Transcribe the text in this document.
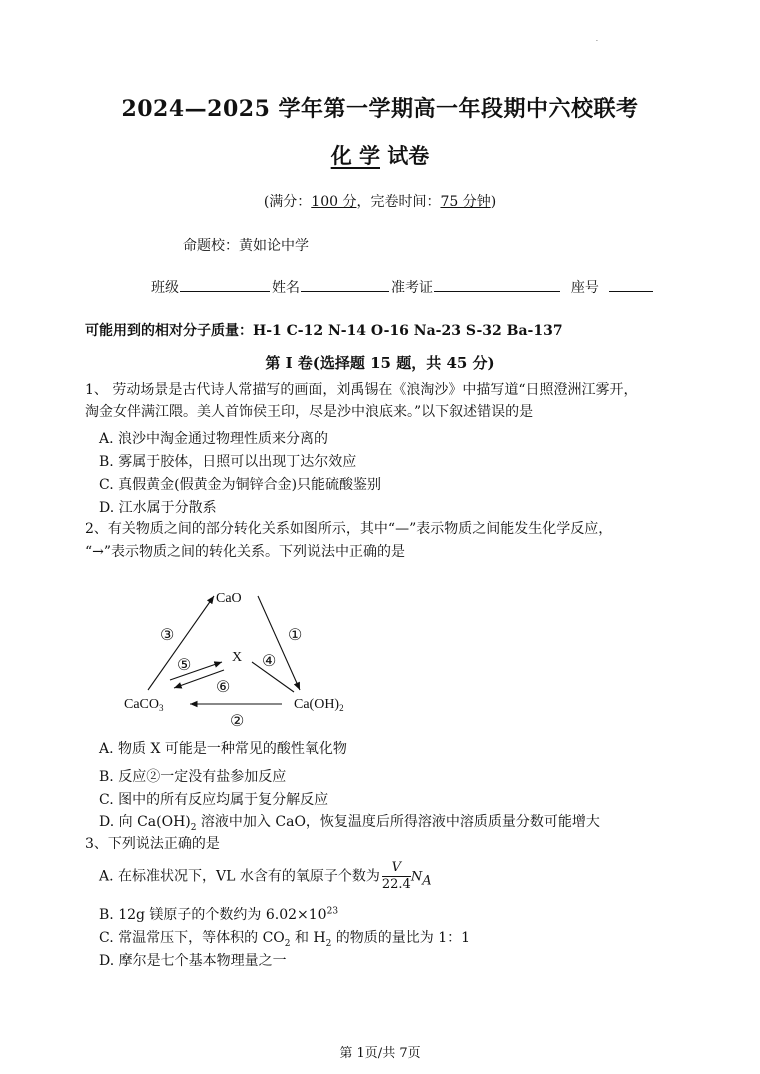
·
2024—2025 学年第一学期高一年段期中六校联考
化 学 试卷
(满分：100 分，完卷时间：75 分钟)
命题校：黄如论中学
班级	姓名	准考证	座号
可能用到的相对分子质量：H-1 C-12 N-14 O-16 Na-23 S-32 Ba-137
第 I 卷(选择题 15 题，共 45 分)
1、 劳动场景是古代诗人常描写的画面，刘禹锡在《浪淘沙》中描写道“日照澄洲江雾开，
淘金女伴满江隈。美人首饰侯王印，尽是沙中浪底来。”以下叙述错误的是
A. 浪沙中淘金通过物理性质来分离的
B. 雾属于胶体，日照可以出现丁达尔效应
C. 真假黄金(假黄金为铜锌合金)只能硫酸鉴别
D. 江水属于分散系
2、有关物质之间的部分转化关系如图所示，其中“—”表示物质之间能发生化学反应，
“→”表示物质之间的转化关系。下列说法中正确的是
CaO
CaCO$_3$	$Ca(OH)_2$
X
①
②
③
④
⑤
⑥
A. 物质 X 可能是一种常见的酸性氧化物
B. 反应②一定没有盐参加反应
C. 图中的所有反应均属于复分解反应
D. 向 $Ca(OH)_2$ 溶液中加入 CaO，恢复温度后所得溶液中溶质质量分数可能增大
3、下列说法正确的是
A. 在标准状况下，VL 水含有的氧原子个数为 $\frac{V}{22.4} N_A$
B. 12g 镁原子的个数约为 $6.02\times 10^{23}$
C. 常温常压下，等体积的 $CO_2$ 和 $H_2$ 的物质的量比为 1：1
D. 摩尔是七个基本物理量之一
第 1页/共 7页
